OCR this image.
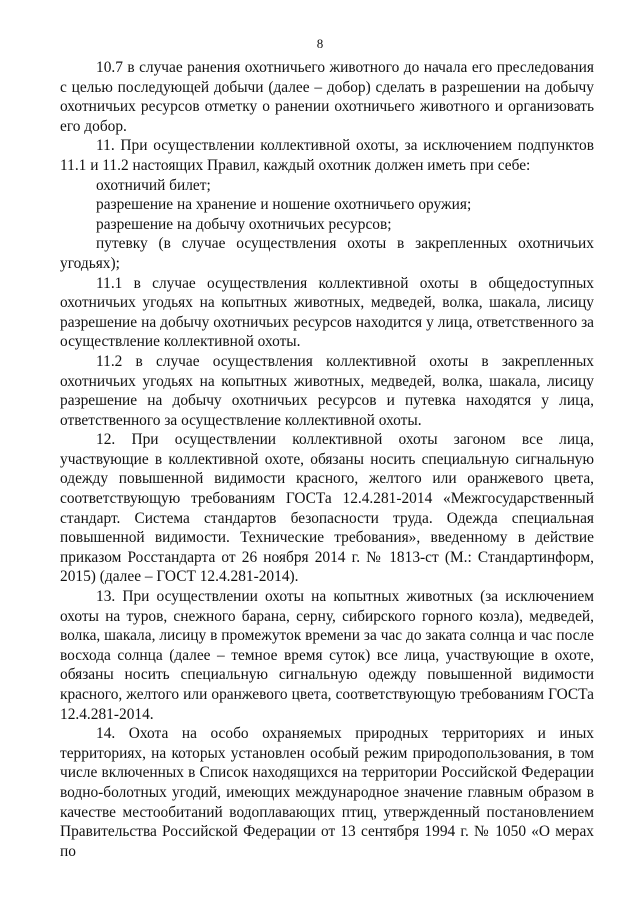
8

10.7 в случае ранения охотничьего животного до начала его преследования с целью последующей добычи (далее – добор) сделать в разрешении на добычу охотничьих ресурсов отметку о ранении охотничьего животного и организовать его добор.

11. При осуществлении коллективной охоты, за исключением подпунктов 11.1 и 11.2 настоящих Правил, каждый охотник должен иметь при себе:

охотничий билет;

разрешение на хранение и ношение охотничьего оружия;

разрешение на добычу охотничьих ресурсов;

путевку (в случае осуществления охоты в закрепленных охотничьих угодьях);

11.1 в случае осуществления коллективной охоты в общедоступных охотничьих угодьях на копытных животных, медведей, волка, шакала, лисицу разрешение на добычу охотничьих ресурсов находится у лица, ответственного за осуществление коллективной охоты.

11.2 в случае осуществления коллективной охоты в закрепленных охотничьих угодьях на копытных животных, медведей, волка, шакала, лисицу разрешение на добычу охотничьих ресурсов и путевка находятся у лица, ответственного за осуществление коллективной охоты.

12. При осуществлении коллективной охоты загоном все лица, участвующие в коллективной охоте, обязаны носить специальную сигнальную одежду повышенной видимости красного, желтого или оранжевого цвета, соответствующую требованиям ГОСТа 12.4.281-2014 «Межгосударственный стандарт. Система стандартов безопасности труда. Одежда специальная повышенной видимости. Технические требования», введенному в действие приказом Росстандарта от 26 ноября 2014 г. № 1813-ст (М.: Стандартинформ, 2015) (далее – ГОСТ 12.4.281-2014).

13. При осуществлении охоты на копытных животных (за исключением охоты на туров, снежного барана, серну, сибирского горного козла), медведей, волка, шакала, лисицу в промежуток времени за час до заката солнца и час после восхода солнца (далее – темное время суток) все лица, участвующие в охоте, обязаны носить специальную сигнальную одежду повышенной видимости красного, желтого или оранжевого цвета, соответствующую требованиям ГОСТа 12.4.281-2014.

14. Охота на особо охраняемых природных территориях и иных территориях, на которых установлен особый режим природопользования, в том числе включенных в Список находящихся на территории Российской Федерации водно-болотных угодий, имеющих международное значение главным образом в качестве местообитаний водоплавающих птиц, утвержденный постановлением Правительства Российской Федерации от 13 сентября 1994 г. № 1050 «О мерах по
